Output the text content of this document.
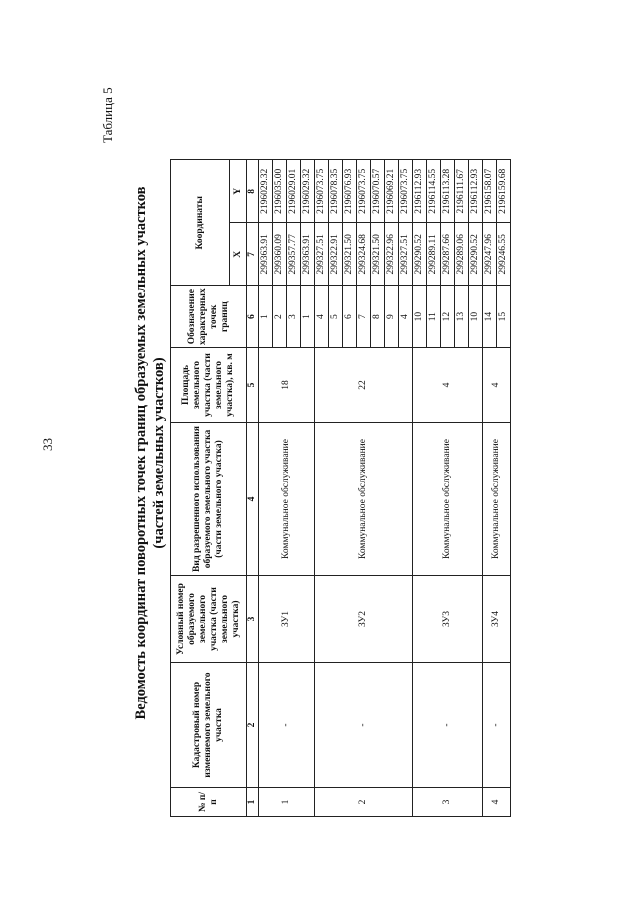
33
Таблица 5
Ведомость координат поворотных точек границ образуемых земельных участков (частей земельных участков)
№ п/п	Кадастровый номер изменяемого земельного участка	Условный номер образуемого земельного участка (части земельного участка)	Вид разрешенного использования образуемого земельного участка (части земельного участка)	Площадь земельного участка (части земельного участка), кв. м	Обозначение характерных точек границ	Координаты	
						X	Y
1	2	3	4	5	6	7	8
1	-	ЗУ1	Коммунальное обслуживание	18	1	299363.91	2196029.32
					2	299360.09	2196035.00
					3	299357.77	2196029.01
					1	299363.91	2196029.32
2	-	ЗУ2	Коммунальное обслуживание	22	4	299327.51	2196073.75
					5	299322.91	2196078.35
					6	299321.50	2196076.93
					7	299324.68	2196073.75
					8	299321.50	2196070.57
					9	299322.96	2196069.21
					4	299327.51	2196073.75
3	-	ЗУ3	Коммунальное обслуживание	4	10	299290.52	2196112.93
					11	299289.11	2196114.55
					12	299287.66	2196113.28
					13	299289.06	2196111.67
					10	299290.52	2196112.93
4	-	ЗУ4	Коммунальное обслуживание	4	14	299247.96	2196158.07
					15	299246.55	2196159.68
